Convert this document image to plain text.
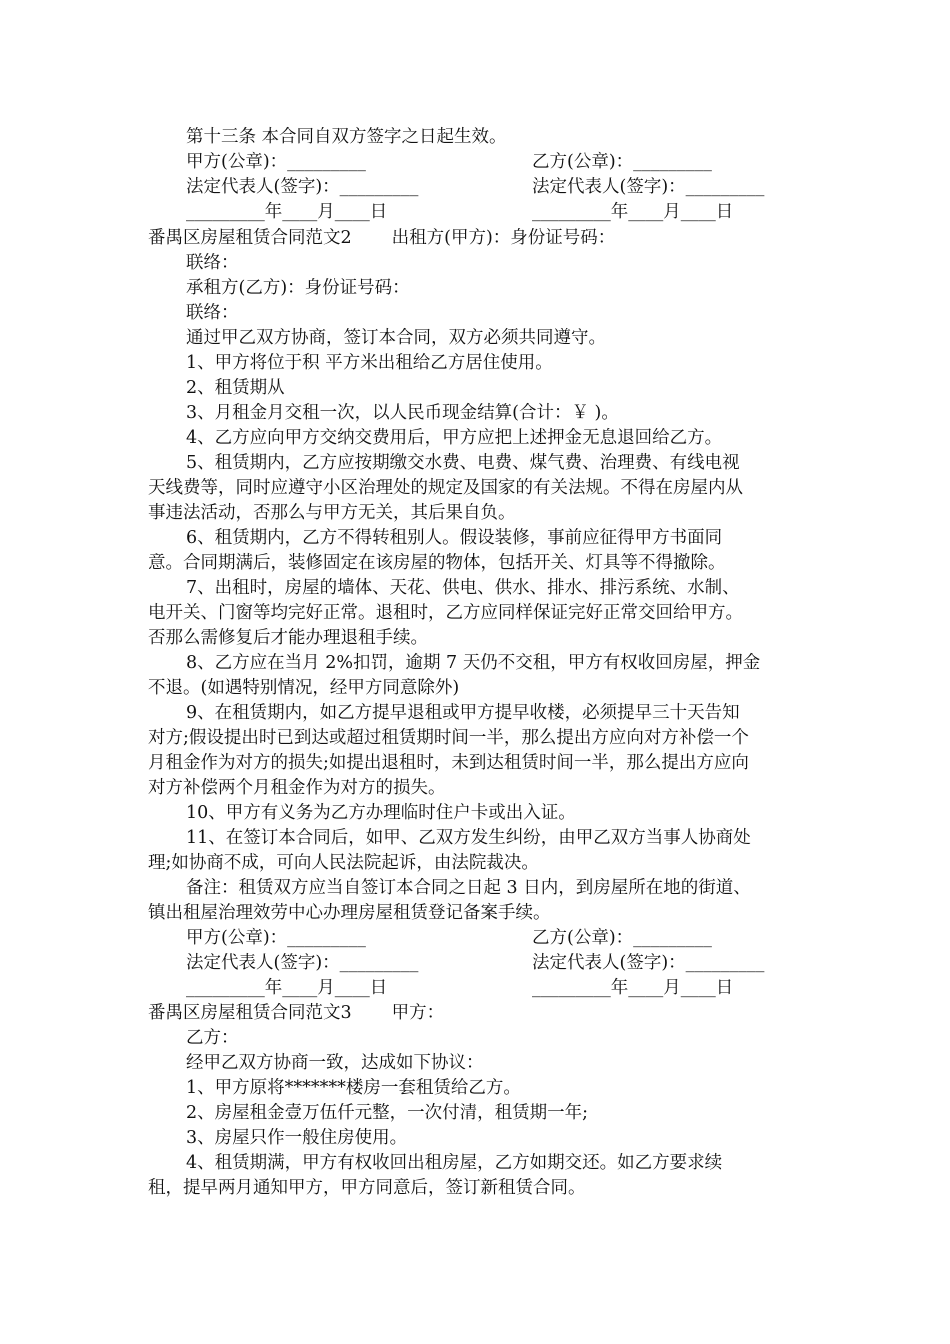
第十三条 本合同自双方签字之日起生效。
甲方(公章)：_________	乙方(公章)：_________
法定代表人(签字)：_________	法定代表人(签字)：_________
_________年____月____日	_________年____月____日
番禺区房屋租赁合同范文2 出租方(甲方)：身份证号码：
联络：
承租方(乙方)：身份证号码：
联络：
通过甲乙双方协商，签订本合同，双方必须共同遵守。
1、甲方将位于积 平方米出租给乙方居住使用。
2、租赁期从
3、月租金月交租一次，以人民币现金结算(合计：￥ )。
4、乙方应向甲方交纳交费用后，甲方应把上述押金无息退回给乙方。
5、租赁期内，乙方应按期缴交水费、电费、煤气费、治理费、有线电视
天线费等，同时应遵守小区治理处的规定及国家的有关法规。不得在房屋内从
事违法活动，否那么与甲方无关，其后果自负。
6、租赁期内，乙方不得转租别人。假设装修，事前应征得甲方书面同
意。合同期满后，装修固定在该房屋的物体，包括开关、灯具等不得撤除。
7、出租时，房屋的墙体、天花、供电、供水、排水、排污系统、水制、
电开关、门窗等均完好正常。退租时，乙方应同样保证完好正常交回给甲方。
否那么需修复后才能办理退租手续。
8、乙方应在当月 2%扣罚，逾期 7 天仍不交租，甲方有权收回房屋，押金
不退。(如遇特别情况，经甲方同意除外)
9、在租赁期内，如乙方提早退租或甲方提早收楼，必须提早三十天告知
对方;假设提出时已到达或超过租赁期时间一半，那么提出方应向对方补偿一个
月租金作为对方的损失;如提出退租时，未到达租赁时间一半，那么提出方应向
对方补偿两个月租金作为对方的损失。
10、甲方有义务为乙方办理临时住户卡或出入证。
11、在签订本合同后，如甲、乙双方发生纠纷，由甲乙双方当事人协商处
理;如协商不成，可向人民法院起诉，由法院裁决。
备注：租赁双方应当自签订本合同之日起 3 日内，到房屋所在地的街道、
镇出租屋治理效劳中心办理房屋租赁登记备案手续。
甲方(公章)：_________	乙方(公章)：_________
法定代表人(签字)：_________	法定代表人(签字)：_________
_________年____月____日	_________年____月____日
番禺区房屋租赁合同范文3 甲方：
乙方：
经甲乙双方协商一致，达成如下协议：
1、甲方原将*******楼房一套租赁给乙方。
2、房屋租金壹万伍仟元整，一次付清，租赁期一年;
3、房屋只作一般住房使用。
4、租赁期满，甲方有权收回出租房屋，乙方如期交还。如乙方要求续
租，提早两月通知甲方，甲方同意后，签订新租赁合同。
